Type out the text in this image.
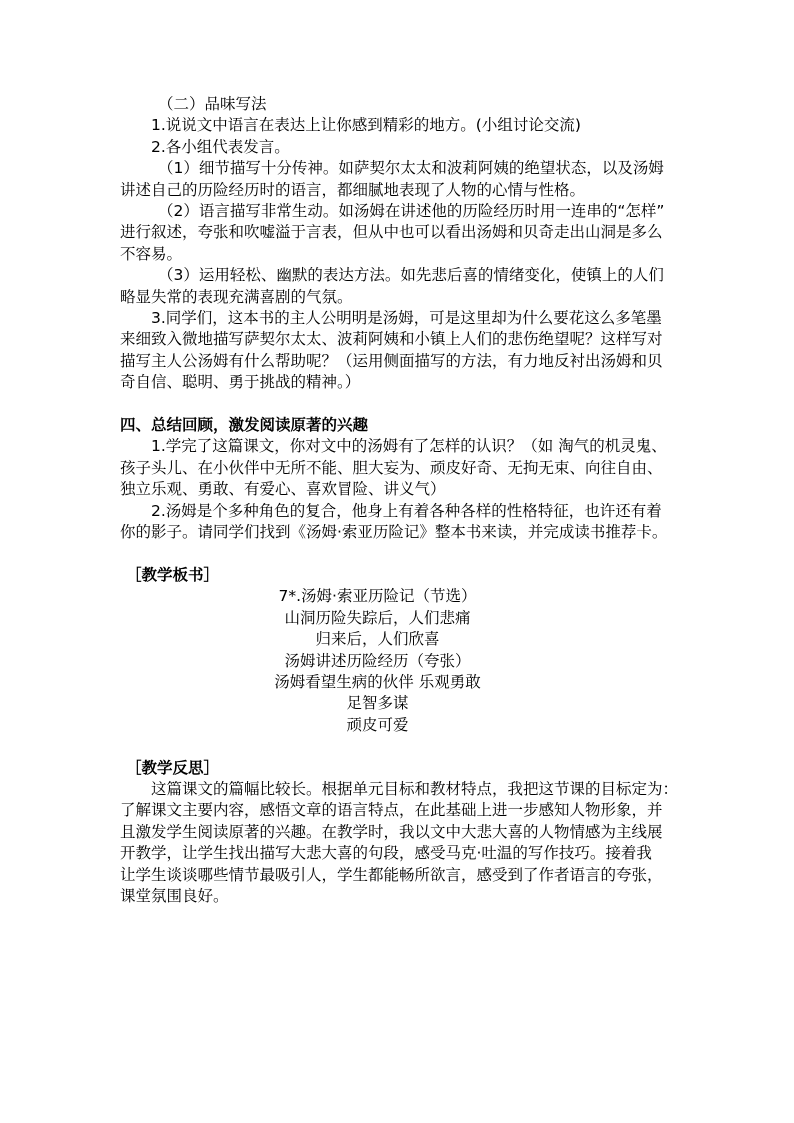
（二）品味写法

1.说说文中语言在表达上让你感到精彩的地方。(小组讨论交流)

2.各小组代表发言。

（1）细节描写十分传神。如萨契尔太太和波莉阿姨的绝望状态，以及汤姆

讲述自己的历险经历时的语言，都细腻地表现了人物的心情与性格。

（2）语言描写非常生动。如汤姆在讲述他的历险经历时用一连串的“怎样”

进行叙述，夸张和吹嘘溢于言表，但从中也可以看出汤姆和贝奇走出山洞是多么

不容易。

（3）运用轻松、幽默的表达方法。如先悲后喜的情绪变化，使镇上的人们

略显失常的表现充满喜剧的气氛。

3.同学们，这本书的主人公明明是汤姆，可是这里却为什么要花这么多笔墨

来细致入微地描写萨契尔太太、波莉阿姨和小镇上人们的悲伤绝望呢？这样写对

描写主人公汤姆有什么帮助呢？（运用侧面描写的方法，有力地反衬出汤姆和贝

奇自信、聪明、勇于挑战的精神。）

四、总结回顾，激发阅读原著的兴趣

1.学完了这篇课文，你对文中的汤姆有了怎样的认识？（如 淘气的机灵鬼、

孩子头儿、在小伙伴中无所不能、胆大妄为、顽皮好奇、无拘无束、向往自由、

独立乐观、勇敢、有爱心、喜欢冒险、讲义气）

2.汤姆是个多种角色的复合，他身上有着各种各样的性格特征，也许还有着

你的影子。请同学们找到《汤姆·索亚历险记》整本书来读，并完成读书推荐卡。

［教学板书］

7*.汤姆·索亚历险记（节选）

山洞历险失踪后，人们悲痛

归来后，人们欣喜

汤姆讲述历险经历（夸张）

汤姆看望生病的伙伴 乐观勇敢

足智多谋

顽皮可爱

［教学反思］

这篇课文的篇幅比较长。根据单元目标和教材特点，我把这节课的目标定为：

了解课文主要内容，感悟文章的语言特点，在此基础上进一步感知人物形象，并

且激发学生阅读原著的兴趣。在教学时，我以文中大悲大喜的人物情感为主线展

开教学，让学生找出描写大悲大喜的句段，感受马克·吐温的写作技巧。接着我

让学生谈谈哪些情节最吸引人，学生都能畅所欲言，感受到了作者语言的夸张，

课堂氛围良好。
